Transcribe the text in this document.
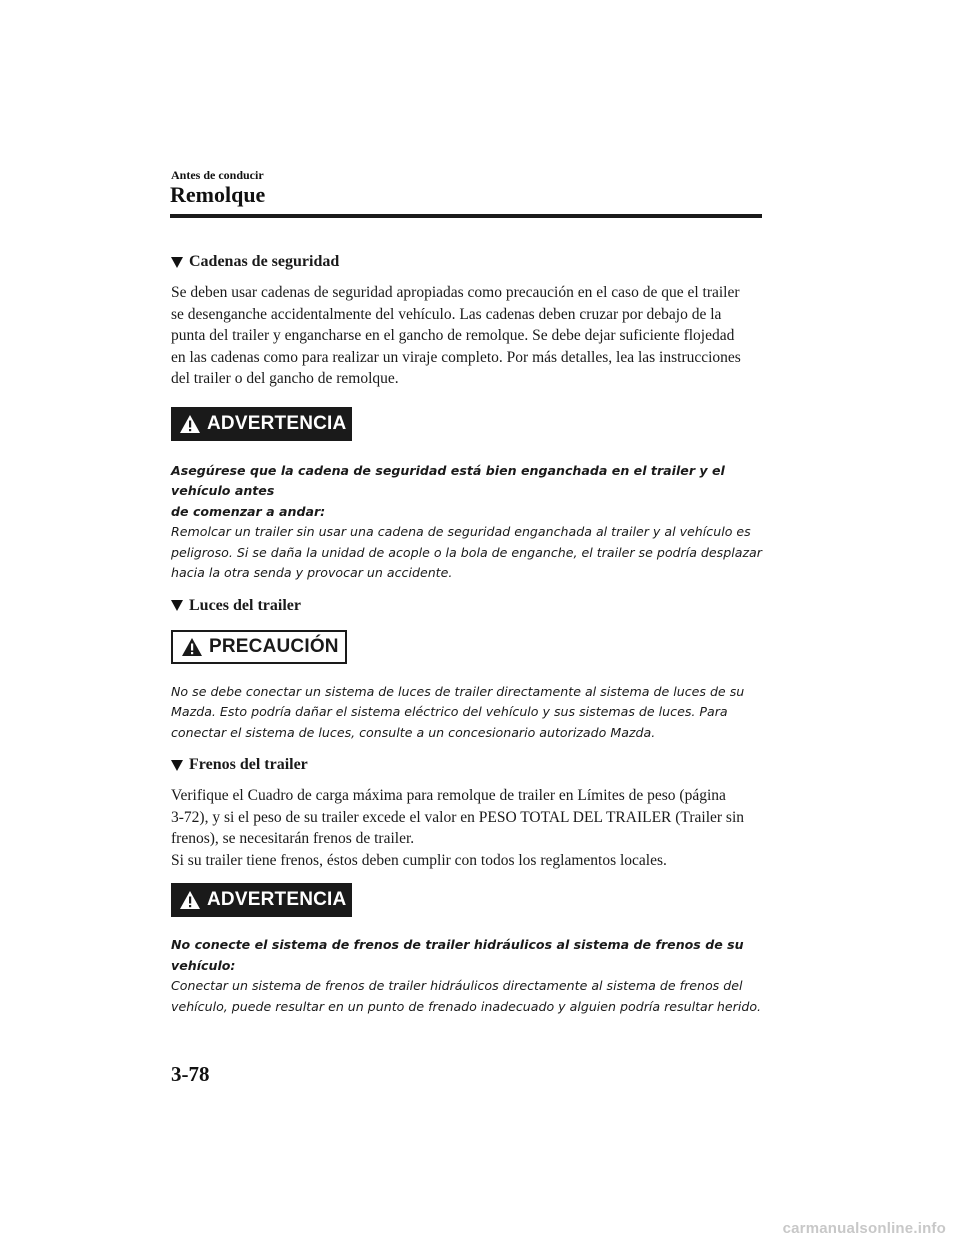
Antes de conducir
Remolque
Cadenas de seguridad

Se deben usar cadenas de seguridad apropiadas como precaución en el caso de que el trailer
se desenganche accidentalmente del vehículo. Las cadenas deben cruzar por debajo de la
punta del trailer y engancharse en el gancho de remolque. Se debe dejar suficiente flojedad
en las cadenas como para realizar un viraje completo. Por más detalles, lea las instrucciones
del trailer o del gancho de remolque.

ADVERTENCIA

Asegúrese que la cadena de seguridad está bien enganchada en el trailer y el vehículo antes
de comenzar a andar:

Remolcar un trailer sin usar una cadena de seguridad enganchada al trailer y al vehículo es
peligroso. Si se daña la unidad de acople o la bola de enganche, el trailer se podría desplazar
hacia la otra senda y provocar un accidente.

Luces del trailer
PRECAUCIÓN

No se debe conectar un sistema de luces de trailer directamente al sistema de luces de su
Mazda. Esto podría dañar el sistema eléctrico del vehículo y sus sistemas de luces. Para
conectar el sistema de luces, consulte a un concesionario autorizado Mazda.

Frenos del trailer

Verifique el Cuadro de carga máxima para remolque de trailer en Límites de peso (página
3-72), y si el peso de su trailer excede el valor en PESO TOTAL DEL TRAILER (Trailer sin
frenos), se necesitarán frenos de trailer.
Si su trailer tiene frenos, éstos deben cumplir con todos los reglamentos locales.

ADVERTENCIA

No conecte el sistema de frenos de trailer hidráulicos al sistema de frenos de su vehículo:

Conectar un sistema de frenos de trailer hidráulicos directamente al sistema de frenos del
vehículo, puede resultar en un punto de frenado inadecuado y alguien podría resultar herido.

3-78
carmanualsonline.info
